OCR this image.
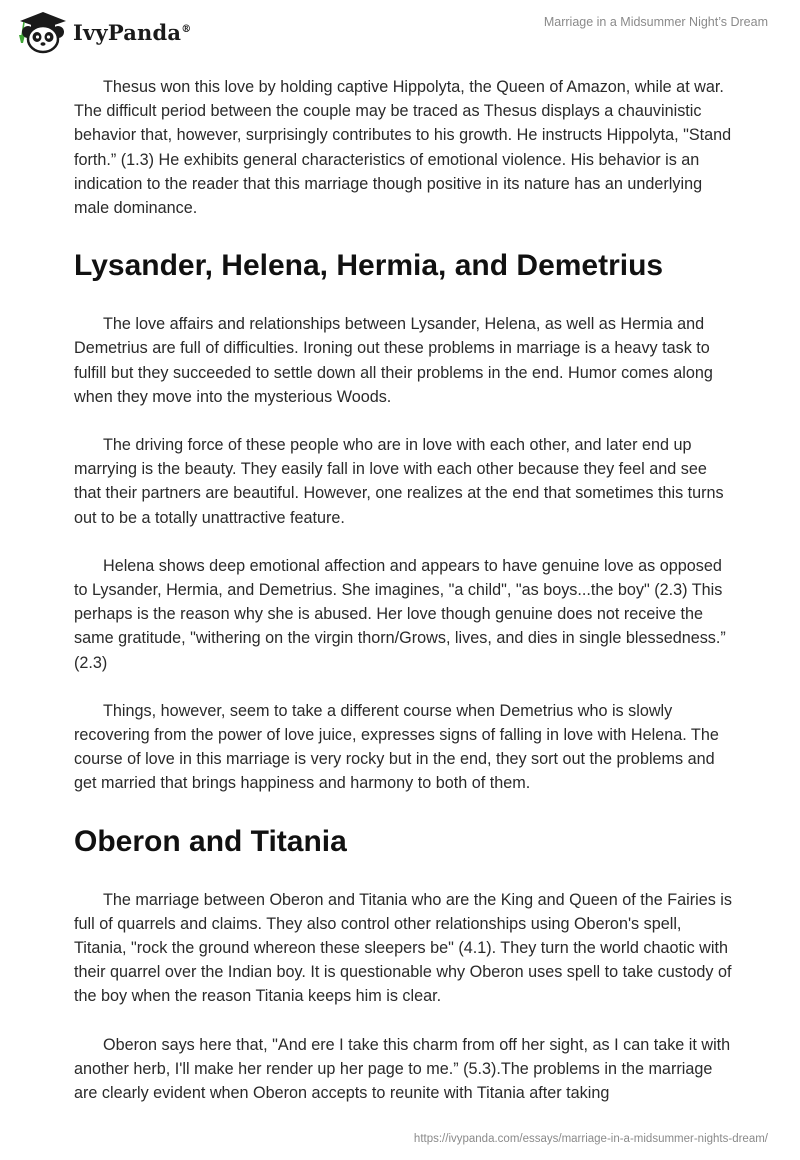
IvyPanda®	Marriage in a Midsummer Night’s Dream

Thesus won this love by holding captive Hippolyta, the Queen of Amazon, while at war. The difficult period between the couple may be traced as Thesus displays a chauvinistic behavior that, however, surprisingly contributes to his growth. He instructs Hippolyta, "Stand forth.” (1.3) He exhibits general characteristics of emotional violence. His behavior is an indication to the reader that this marriage though positive in its nature has an underlying male dominance.

Lysander, Helena, Hermia, and Demetrius

The love affairs and relationships between Lysander, Helena, as well as Hermia and Demetrius are full of difficulties. Ironing out these problems in marriage is a heavy task to fulfill but they succeeded to settle down all their problems in the end. Humor comes along when they move into the mysterious Woods.

The driving force of these people who are in love with each other, and later end up marrying is the beauty. They easily fall in love with each other because they feel and see that their partners are beautiful. However, one realizes at the end that sometimes this turns out to be a totally unattractive feature.

Helena shows deep emotional affection and appears to have genuine love as opposed to Lysander, Hermia, and Demetrius. She imagines, "a child", "as boys...the boy" (2.3) This perhaps is the reason why she is abused. Her love though genuine does not receive the same gratitude, "withering on the virgin thorn/Grows, lives, and dies in single blessedness.” (2.3)

Things, however, seem to take a different course when Demetrius who is slowly recovering from the power of love juice, expresses signs of falling in love with Helena. The course of love in this marriage is very rocky but in the end, they sort out the problems and get married that brings happiness and harmony to both of them.

Oberon and Titania

The marriage between Oberon and Titania who are the King and Queen of the Fairies is full of quarrels and claims. They also control other relationships using Oberon's spell, Titania, "rock the ground whereon these sleepers be" (4.1). They turn the world chaotic with their quarrel over the Indian boy. It is questionable why Oberon uses spell to take custody of the boy when the reason Titania keeps him is clear.

Oberon says here that, "And ere I take this charm from off her sight, as I can take it with another herb, I'll make her render up her page to me.” (5.3).The problems in the marriage are clearly evident when Oberon accepts to reunite with Titania after taking

https://ivypanda.com/essays/marriage-in-a-midsummer-nights-dream/
